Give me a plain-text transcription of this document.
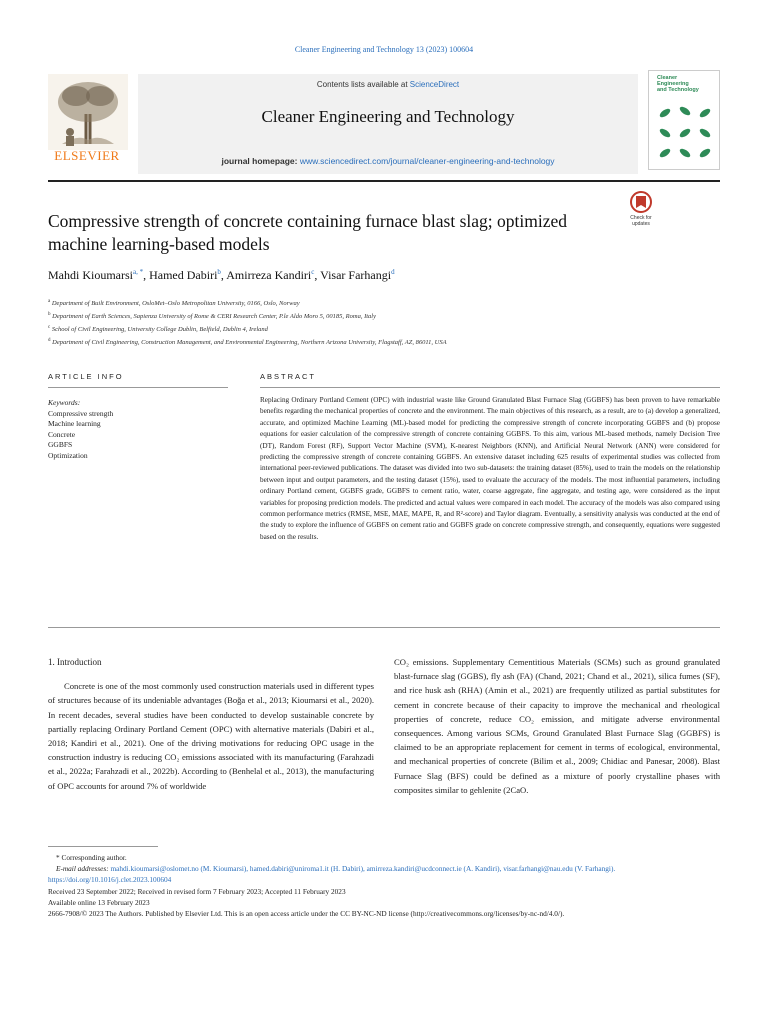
Cleaner Engineering and Technology 13 (2023) 100604
ELSEVIER
Contents lists available at ScienceDirect
Cleaner Engineering and Technology
journal homepage: www.sciencedirect.com/journal/cleaner-engineering-and-technology
Cleaner
Engineering
and Technology
Compressive strength of concrete containing furnace blast slag; optimized machine learning-based models
Check for
updates
Mahdi Kioumarsi$^{a, *}$, Hamed Dabiri$^b$, Amirreza Kandiri$^c$, Visar Farhangi$^d$
$^a$ Department of Built Environment, OsloMet–Oslo Metropolitan University, 0166, Oslo, Norway
$^b$ Department of Earth Sciences, Sapienza University of Rome & CERI Research Center, P.le Aldo Moro 5, 00185, Roma, Italy
$^c$ School of Civil Engineering, University College Dublin, Belfield, Dublin 4, Ireland
$^d$ Department of Civil Engineering, Construction Management, and Environmental Engineering, Northern Arizona University, Flagstaff, AZ, 86011, USA
ARTICLE INFO	ABSTRACT
Keywords:
Compressive strength
Machine learning
Concrete
GGBFS
Optimization
Replacing Ordinary Portland Cement (OPC) with industrial waste like Ground Granulated Blast Furnace Slag (GGBFS) has been proven to have remarkable benefits regarding the mechanical properties of concrete and the environment. The main objectives of this research, as a result, are to (a) develop a generalized, accurate, and optimized Machine Learning (ML)-based model for predicting the compressive strength of concrete incorporating GGBFS and (b) propose equations for easier calculation of the compressive strength of concrete containing GGBFS. To this aim, various ML-based methods, namely Decision Tree (DT), Random Forest (RF), Support Vector Machine (SVM), K-nearest Neighbors (KNN), and Artificial Neural Network (ANN) were considered for predicting the compressive strength of concrete containing GGBFS. An extensive dataset including 625 results of experimental studies was collected from international peer-reviewed publications. The dataset was divided into two sub-datasets: the training dataset (85%), used to train the models on the relationship between input and output parameters, and the testing dataset (15%), used to evaluate the accuracy of the models. The most influential parameters, including ordinary Portland cement, GGBFS grade, GGBFS to cement ratio, water, coarse aggregate, fine aggregate, and testing age, were considered as the input variables for proposing prediction models. The predicted and actual values were compared in each model. The accuracy of the models was also compared using common performance metrics (RMSE, MSE, MAE, MAPE, R, and R²-score) and Taylor diagram. Eventually, a sensitivity analysis was conducted at the end of the study to explore the influence of GGBFS on cement ratio and GGBFS grade on concrete compressive strength, and consequently, equations were suggested based on the results.
1. Introduction

Concrete is one of the most commonly used construction materials used in different types of structures because of its undeniable advantages (Boğa et al., 2013; Kioumarsi et al., 2020). In recent decades, several studies have been conducted to develop sustainable concrete by partially replacing Ordinary Portland Cement (OPC) with alternative materials (Dabiri et al., 2018; Kandiri et al., 2021). One of the driving motivations for reducing OPC usage in the construction industry is reducing CO₂ emissions associated with its manufacturing (Farahzadi et al., 2022a; Farahzadi et al., 2022b). According to (Benhelal et al., 2013), the manufacturing of OPC accounts for around 7% of worldwide

CO₂ emissions. Supplementary Cementitious Materials (SCMs) such as ground granulated blast-furnace slag (GGBS), fly ash (FA) (Chand, 2021; Chand et al., 2021), silica fumes (SF), and rice husk ash (RHA) (Amin et al., 2021) are frequently utilized as partial substitutes for cement in concrete because of their capacity to improve the mechanical and rheological properties of concrete, reduce CO₂ emission, and mitigate adverse environmental consequences. Among various SCMs, Ground Granulated Blast Furnace Slag (GGBFS) is claimed to be an appropriate replacement for cement in terms of ecological, environmental, and mechanical properties of concrete (Bilim et al., 2009; Chidiac and Panesar, 2008). Blast Furnace Slag (BFS) could be defined as a mixture of poorly crystalline phases with composites similar to gehlenite (2CaO.

* Corresponding author.
E-mail addresses: mahdi.kioumarsi@oslomet.no (M. Kioumarsi), hamed.dabiri@uniroma1.it (H. Dabiri), amirreza.kandiri@ucdconnect.ie (A. Kandiri), visar.farhangi@nau.edu (V. Farhangi).
https://doi.org/10.1016/j.clet.2023.100604
Received 23 September 2022; Received in revised form 7 February 2023; Accepted 11 February 2023
Available online 13 February 2023
2666-7908/© 2023 The Authors. Published by Elsevier Ltd. This is an open access article under the CC BY-NC-ND license (http://creativecommons.org/licenses/by-nc-nd/4.0/).
